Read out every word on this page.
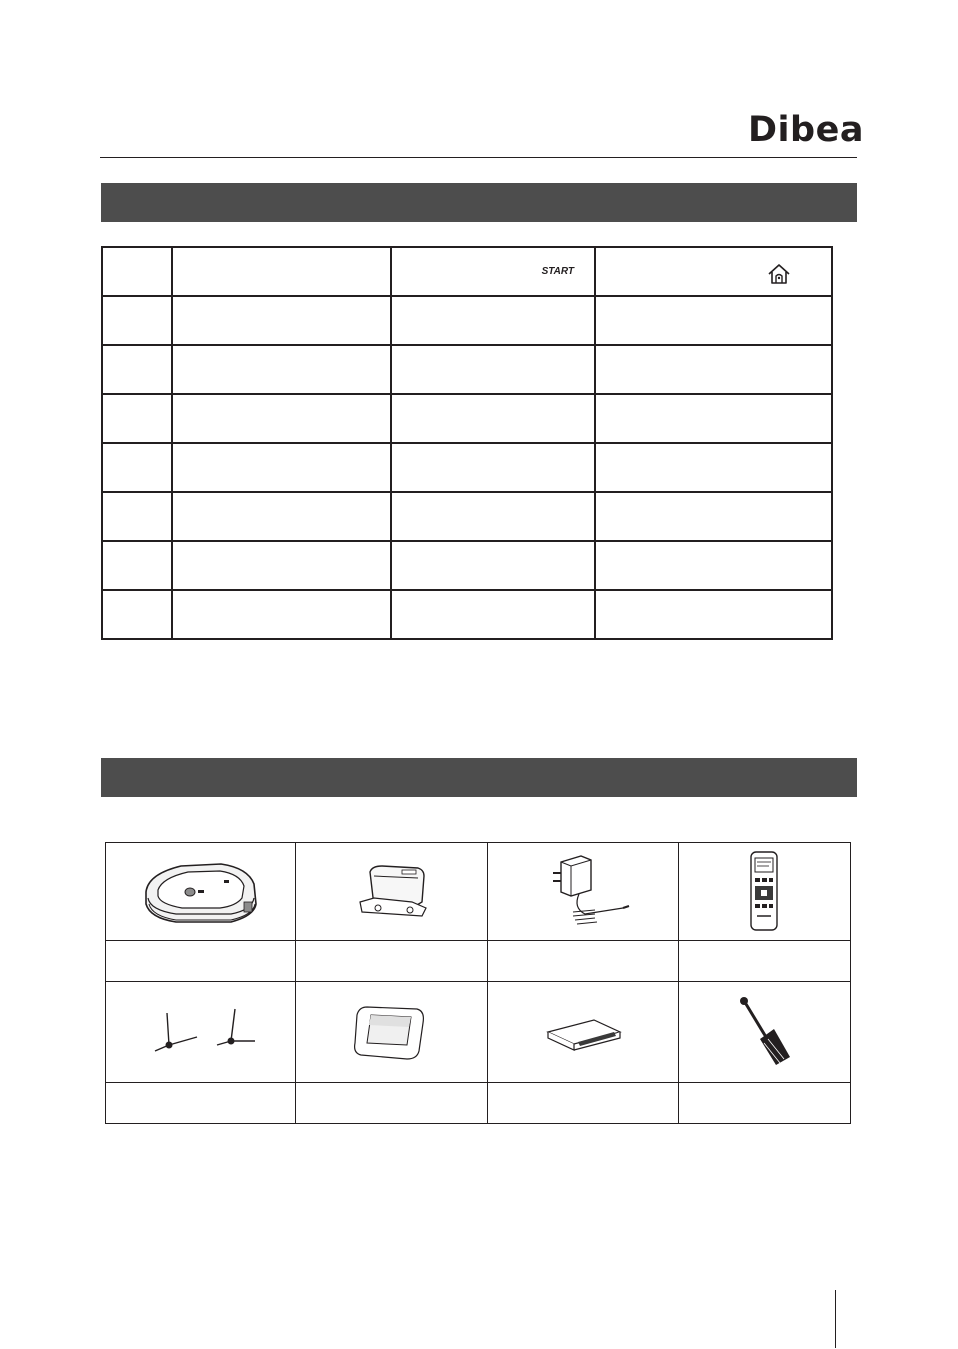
Dibea

		START
